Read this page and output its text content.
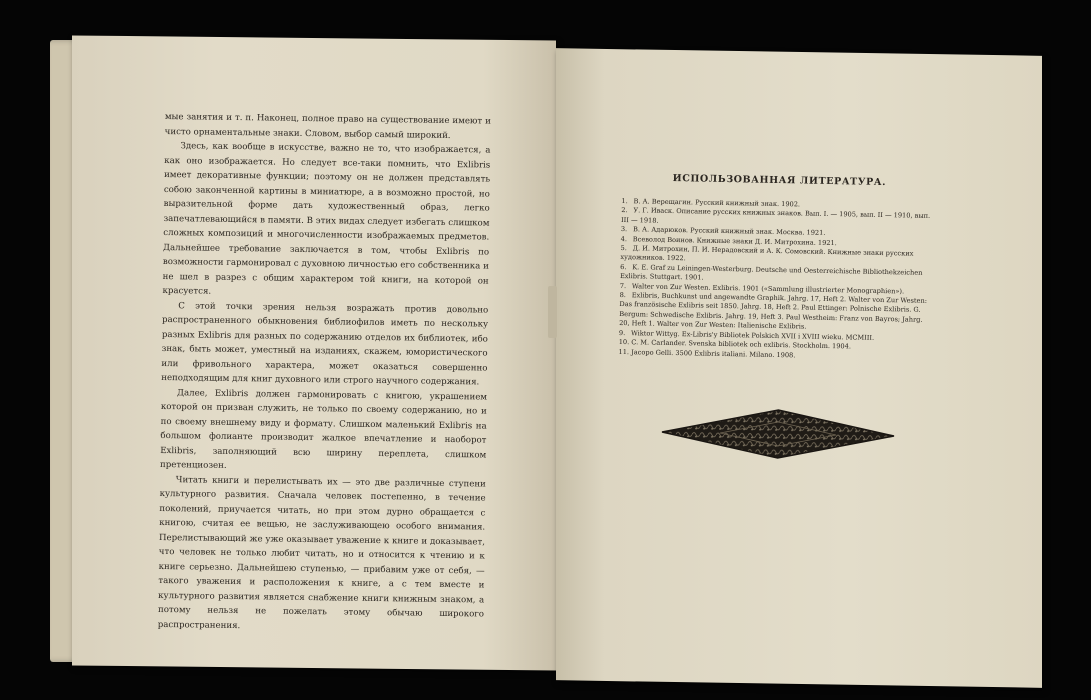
мые занятия и т. п. Наконец, полное право на существование имеют и чисто орнаментальные знаки. Словом, выбор самый широкий.

Здесь, как вообще в искусстве, важно не то, что изображается, а как оно изображается. Но следует все-таки помнить, что Exlibris имеет декоративные функции; поэтому он не должен представлять собою законченной картины в миниатюре, а в возможно простой, но выразительной форме дать художественный образ, легко запечатлевающийся в памяти. В этих видах следует избегать слишком сложных композиций и многочисленности изображаемых предметов. Дальнейшее требование заключается в том, чтобы Exlibris по возможности гармонировал с духовною личностью его собственника и не шел в разрез с общим характером той книги, на которой он красуется.

С этой точки зрения нельзя возражать против довольно распространенного обыкновения библиофилов иметь по нескольку разных Exlibris для разных по содержанию отделов их библиотек, ибо знак, быть может, уместный на изданиях, скажем, юмористического или фривольного характера, может оказаться совершенно неподходящим для книг духовного или строго научного содержания.

Далее, Exlibris должен гармонировать с книгою, украшением которой он призван служить, не только по своему содержанию, но и по своему внешнему виду и формату. Слишком маленький Exlibris на большом фолианте производит жалкое впечатление и наоборот Exlibris, заполняющий всю ширину переплета, слишком претенциозен.

Читать книги и перелистывать их — это две различные ступени культурного развития. Сначала человек постепенно, в течение поколений, приучается читать, но при этом дурно обращается с книгою, считая ее вещью, не заслуживающею особого внимания. Перелистывающий же уже оказывает уважение к книге и доказывает, что человек не только любит читать, но и относится к чтению и к книге серьезно. Дальнейшею ступенью, — прибавим уже от себя, — такого уважения и расположения к книге, а с тем вместе и культурного развития является снабжение книги книжным знаком, а потому нельзя не пожелать этому обычаю широкого распространения.

ИСПОЛЬЗОВАННАЯ ЛИТЕРАТУРА.
1. В. А. Верещагин. Русский книжный знак. 1902.
2. У. Г. Иваск. Описание русских книжных знаков. Вып. I. — 1905, вып. II — 1910, вып. III — 1918.
3. В. А. Адарюков. Русский книжный знак. Москва. 1921.
4. Всеволод Воинов. Книжные знаки Д. И. Митрохина. 1921.
5. Д. И. Митрохин, П. И. Нерадовский и А. К. Сомовский. Книжные знаки русских художников. 1922.
6. K. E. Graf zu Leiningen-Westerburg. Deutsche und Oesterreichische Bibliothekzeichen Exlibris. Stuttgart. 1901.
7. Walter von Zur Westen. Exlibris. 1901 («Sammlung illustrierter Monographien»).
8. Exlibris, Buchkunst und angewandte Graphik. Jahrg. 17, Heft 2. Walter von Zur Westen: Das französische Exlibris seit 1850. Jahrg. 18, Heft 2. Paul Ettinger: Polnische Exlibris. G. Bergum: Schwedische Exlibris. Jahrg. 19, Heft 3. Paul Westheim: Franz von Bayros; Jahrg. 20, Heft 1. Walter von Zur Westen: Italienische Exlibris.
9. Wiktor Wittyg. Ex-Libris'y Bibliotek Polskich XVII i XVIII wieku. MCMIII.
10. C. M. Carlander. Svenska bibliotek och exlibris. Stockholm. 1904.
11. Jacopo Gelli. 3500 Exlibris italiani. Milano. 1908.
